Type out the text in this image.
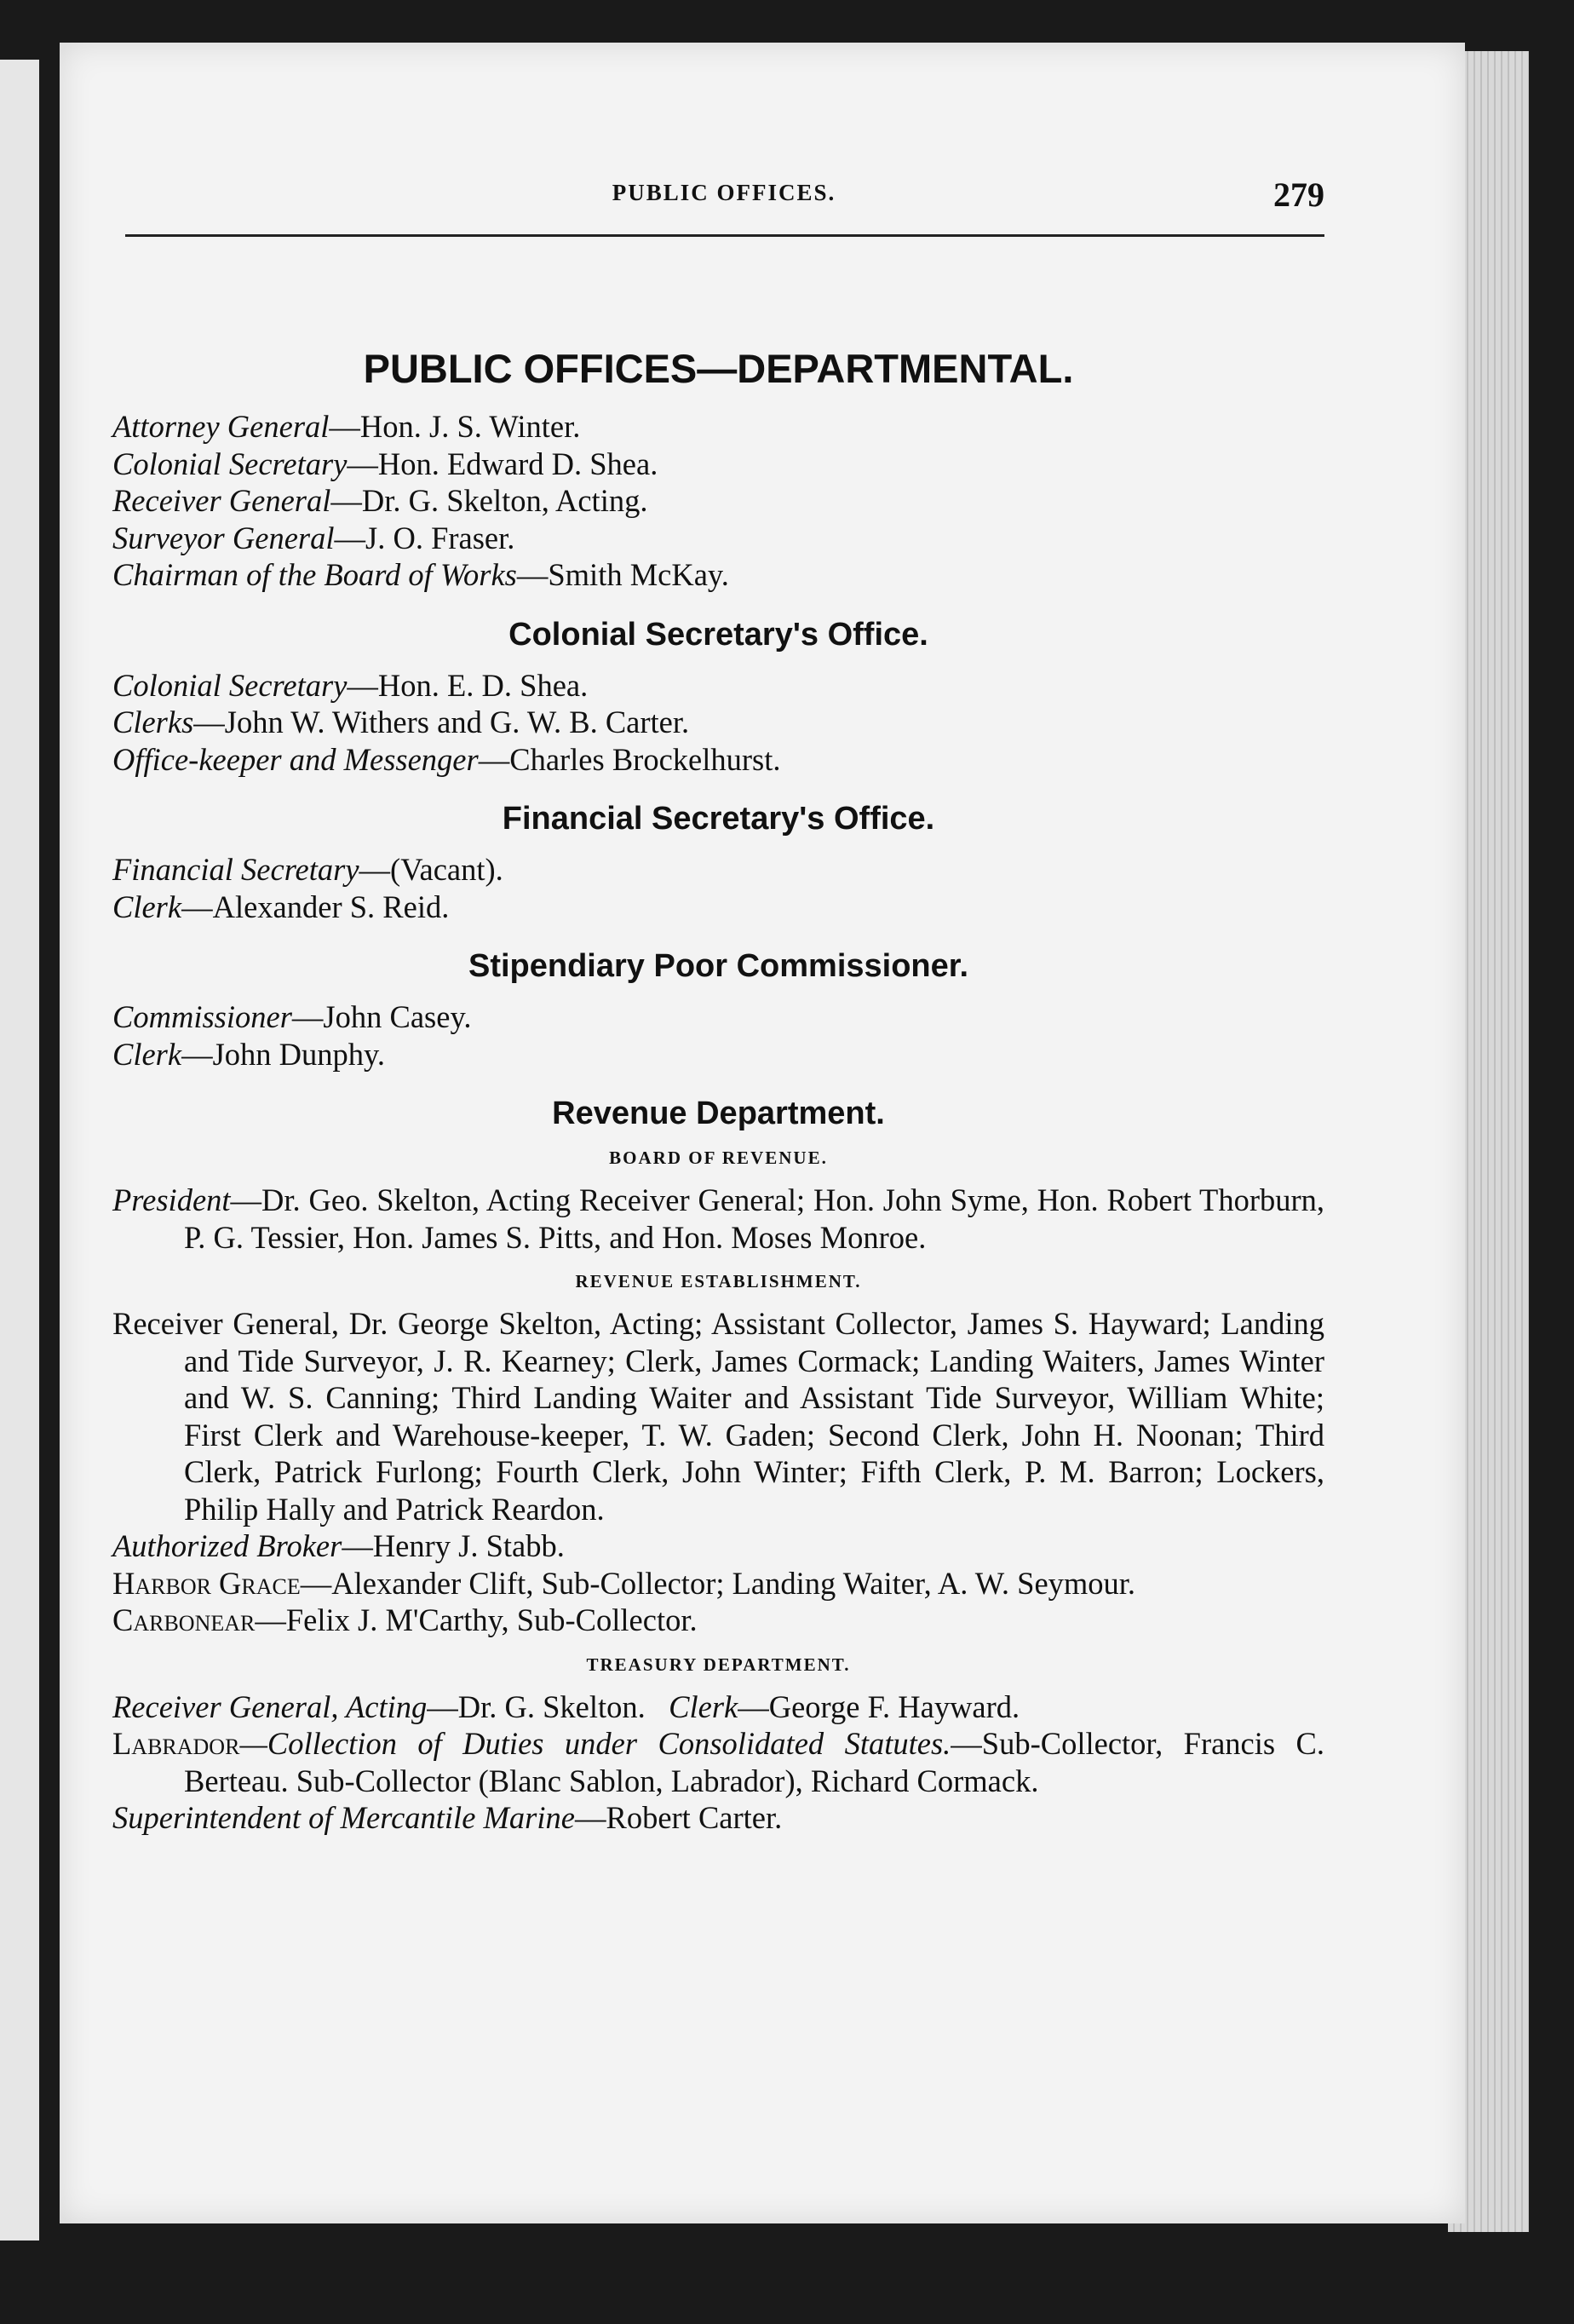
PUBLIC OFFICES.	279
PUBLIC OFFICES—DEPARTMENTAL.

Attorney General—Hon. J. S. Winter.

Colonial Secretary—Hon. Edward D. Shea.

Receiver General—Dr. G. Skelton, Acting.

Surveyor General—J. O. Fraser.

Chairman of the Board of Works—Smith McKay.

Colonial Secretary's Office.

Colonial Secretary—Hon. E. D. Shea.

Clerks—John W. Withers and G. W. B. Carter.

Office-keeper and Messenger—Charles Brockelhurst.

Financial Secretary's Office.

Financial Secretary—(Vacant).

Clerk—Alexander S. Reid.

Stipendiary Poor Commissioner.

Commissioner—John Casey.

Clerk—John Dunphy.

Revenue Department.
BOARD OF REVENUE.

President—Dr. Geo. Skelton, Acting Receiver General; Hon. John Syme, Hon. Robert Thorburn, P. G. Tessier, Hon. James S. Pitts, and Hon. Moses Monroe.

REVENUE ESTABLISHMENT.

Receiver General, Dr. George Skelton, Acting; Assistant Collector, James S. Hayward; Landing and Tide Surveyor, J. R. Kearney; Clerk, James Cormack; Landing Waiters, James Winter and W. S. Canning; Third Landing Waiter and Assistant Tide Surveyor, William White; First Clerk and Warehouse-keeper, T. W. Gaden; Second Clerk, John H. Noonan; Third Clerk, Patrick Furlong; Fourth Clerk, John Winter; Fifth Clerk, P. M. Barron; Lockers, Philip Hally and Patrick Reardon.

Authorized Broker—Henry J. Stabb.

Harbor Grace—Alexander Clift, Sub-Collector; Landing Waiter, A. W. Seymour.

Carbonear—Felix J. M'Carthy, Sub-Collector.

TREASURY DEPARTMENT.

Receiver General, Acting—Dr. G. Skelton. Clerk—George F. Hayward.

Labrador—Collection of Duties under Consolidated Statutes.—Sub-Collector, Francis C. Berteau. Sub-Collector (Blanc Sablon, Labrador), Richard Cormack.

Superintendent of Mercantile Marine—Robert Carter.
